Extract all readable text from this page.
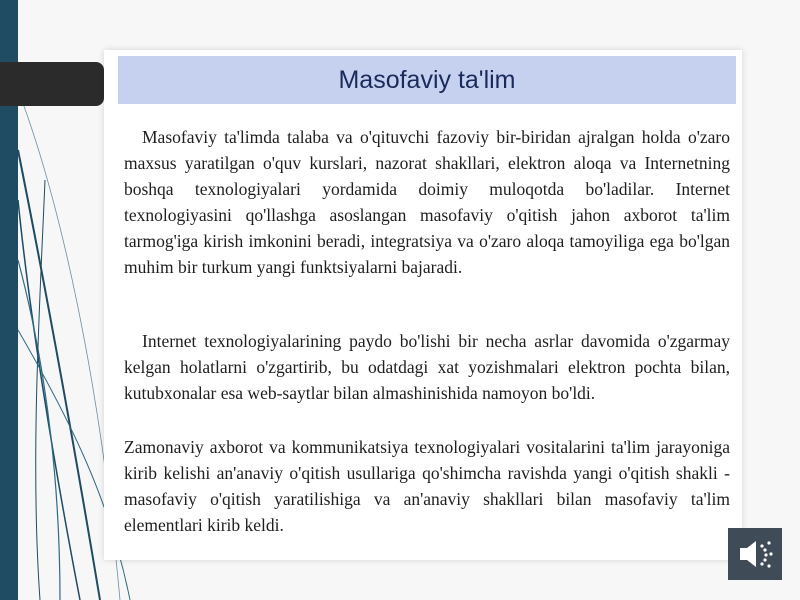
Masofaviy ta'lim

Masofaviy ta'limda talaba va o'qituvchi fazoviy bir-biridan ajralgan holda o'zaro maxsus yaratilgan o'quv kurslari, nazorat shakllari, elektron aloqa va Internetning boshqa texnologiyalari yordamida doimiy muloqotda bo'ladilar. Internet texnologiyasini qo'llashga asoslangan masofaviy o'qitish jahon axborot ta'lim tarmog'iga kirish imkonini beradi, integratsiya va o'zaro aloqa tamoyiliga ega bo'lgan muhim bir turkum yangi funktsiyalarni bajaradi.

Internet texnologiyalarining paydo bo'lishi bir necha asrlar davomida o'zgarmay kelgan holatlarni o'zgartirib, bu odatdagi xat yozishmalari elektron pochta bilan, kutubxonalar esa web-saytlar bilan almashinishida namoyon bo'ldi.

Zamonaviy axborot va kommunikatsiya texnologiyalari vositalarini ta'lim jarayoniga kirib kelishi an'anaviy o'qitish usullariga qo'shimcha ravishda yangi o'qitish shakli - masofaviy o'qitish yaratilishiga va an'anaviy shakllari bilan masofaviy ta'lim elementlari kirib keldi.
